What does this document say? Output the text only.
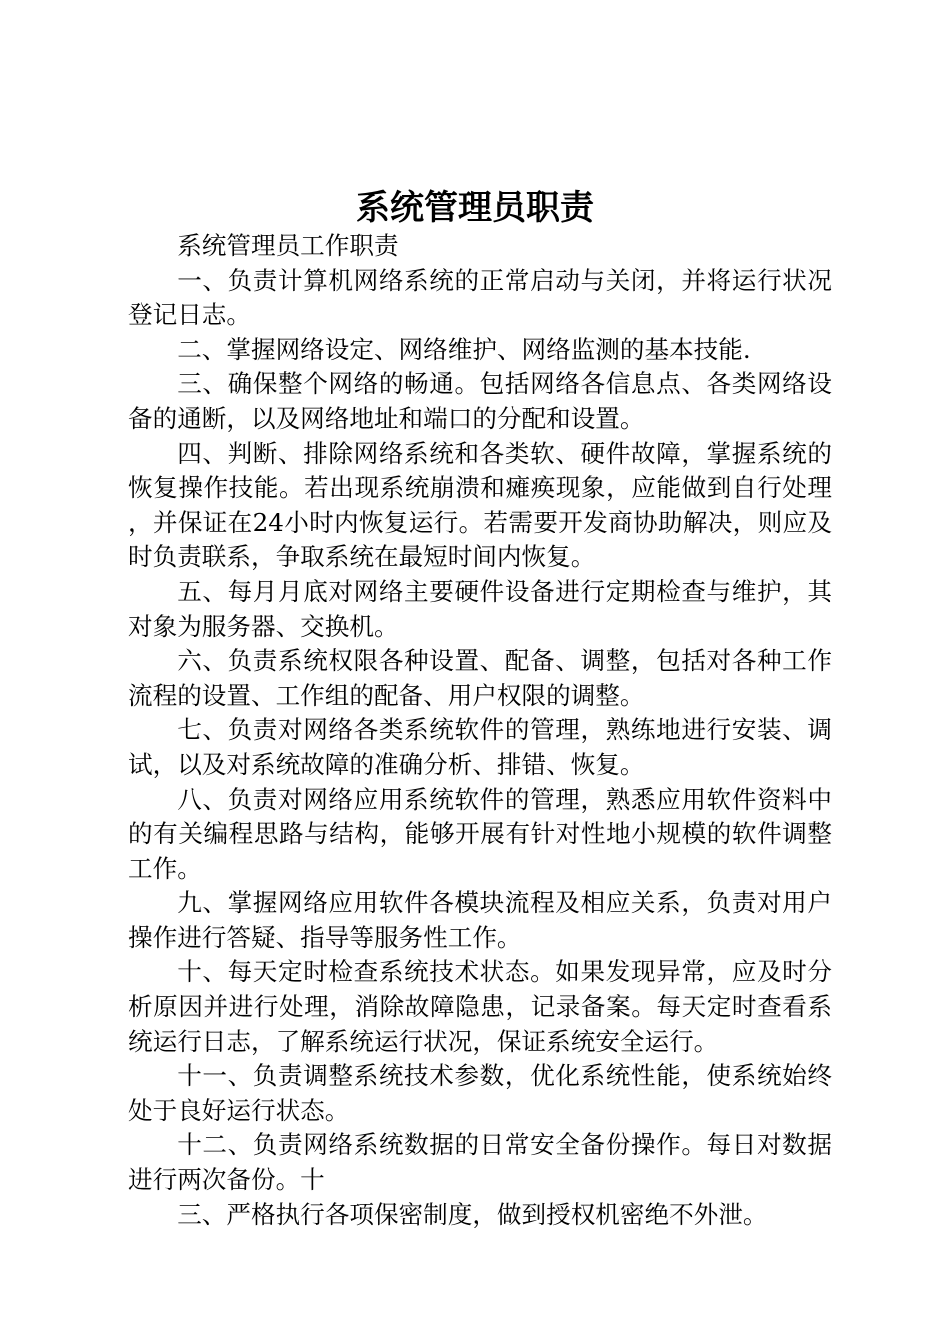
系统管理员职责

系统管理员工作职责

一、负责计算机网络系统的正常启动与关闭，并将运行状况登记日志。

二、掌握网络设定、网络维护、网络监测的基本技能.

三、确保整个网络的畅通。包括网络各信息点、各类网络设备的通断，以及网络地址和端口的分配和设置。

四、判断、排除网络系统和各类软、硬件故障，掌握系统的恢复操作技能。若出现系统崩溃和瘫痪现象，应能做到自行处理，并保证在24小时内恢复运行。若需要开发商协助解决，则应及时负责联系，争取系统在最短时间内恢复。

五、每月月底对网络主要硬件设备进行定期检查与维护，其对象为服务器、交换机。

六、负责系统权限各种设置、配备、调整，包括对各种工作流程的设置、工作组的配备、用户权限的调整。

七、负责对网络各类系统软件的管理，熟练地进行安装、调试，以及对系统故障的准确分析、排错、恢复。

八、负责对网络应用系统软件的管理，熟悉应用软件资料中的有关编程思路与结构，能够开展有针对性地小规模的软件调整工作。

九、掌握网络应用软件各模块流程及相应关系，负责对用户操作进行答疑、指导等服务性工作。

十、每天定时检查系统技术状态。如果发现异常，应及时分析原因并进行处理，消除故障隐患，记录备案。每天定时查看系统运行日志，了解系统运行状况，保证系统安全运行。

十一、负责调整系统技术参数，优化系统性能，使系统始终处于良好运行状态。

十二、负责网络系统数据的日常安全备份操作。每日对数据进行两次备份。十

三、严格执行各项保密制度，做到授权机密绝不外泄。
